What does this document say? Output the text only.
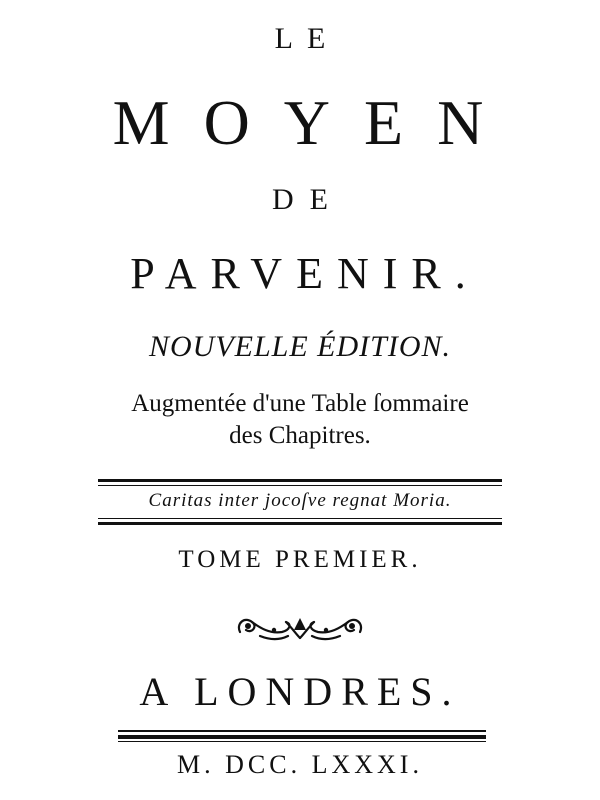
LE
MOYEN
DE
PARVENIR.
NOUVELLE ÉDITION.
Augmentée d'une Table ſommaire
des Chapitres.
Caritas inter jocoſve regnat Moria.
TOME PREMIER.
A LONDRES.
M. DCC. LXXXI.
